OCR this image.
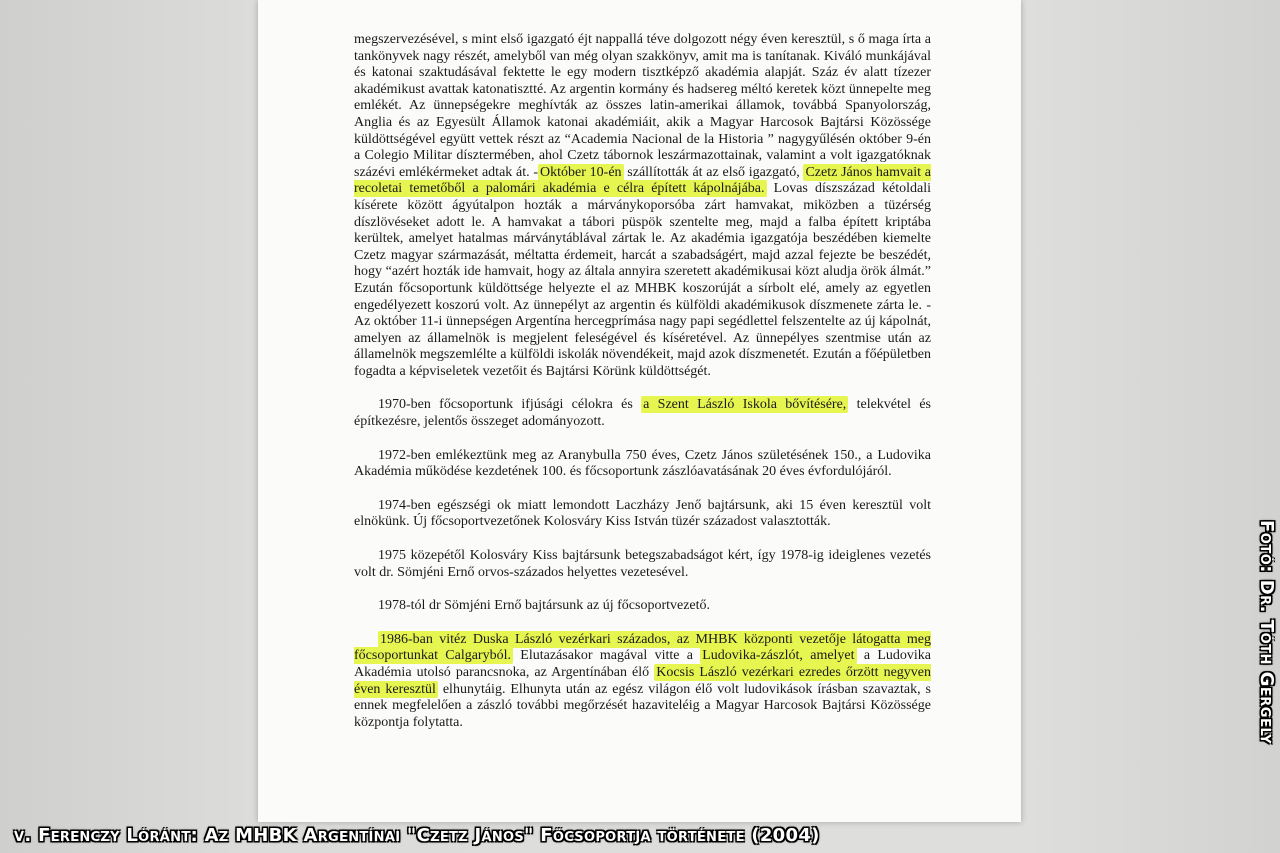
megszervezésével, s mint első igazgató éjt nappallá téve dolgozott négy éven keresztül, s ő maga írta a tankönyvek nagy részét, amelyből van még olyan szakkönyv, amit ma is tanítanak. Kiváló munkájával és katonai szaktudásával fektette le egy modern tisztképző akadémia alapját. Száz év alatt tízezer akadémikust avattak katonatisztté. Az argentin kormány és hadsereg méltó keretek közt ünnepelte meg emlékét. Az ünnepségekre meghívták az összes latin-amerikai államok, továbbá Spanyolország, Anglia és az Egyesült Államok katonai akadémiáit, akik a Magyar Harcosok Bajtársi Közössége küldöttségével együtt vettek részt az “Academia Nacional de la Historia ” nagygyűlésén október 9-én a Colegio Militar dísztermében, ahol Czetz tábornok leszármazottainak, valamint a volt igazgatóknak százévi emlékérmeket adtak át. - Október 10-én szállították át az első igazgató, Czetz János hamvait a recoletai temetőből a palomári akadémia e célra épített kápolnájába. Lovas díszszázad kétoldali kísérete között ágyútalpon hozták a márványkoporsóba zárt hamvakat, miközben a tüzérség díszlövéseket adott le. A hamvakat a tábori püspök szentelte meg, majd a falba épített kriptába kerültek, amelyet hatalmas márványtáblával zártak le. Az akadémia igazgatója beszédében kiemelte Czetz magyar származását, méltatta érdemeit, harcát a szabadságért, majd azzal fejezte be beszédét, hogy “azért hozták ide hamvait, hogy az általa annyira szeretett akadémikusai közt aludja örök álmát.” Ezután főcsoportunk küldöttsége helyezte el az MHBK koszorúját a sírbolt elé, amely az egyetlen engedélyezett koszorú volt. Az ünnepélyt az argentin és külföldi akadémikusok díszmenete zárta le. - Az október 11-i ünnepségen Argentína hercegprímása nagy papi segédlettel felszentelte az új kápolnát, amelyen az államelnök is megjelent feleségével és kíséretével. Az ünnepélyes szentmise után az államelnök megszemlélte a külföldi iskolák növendékeit, majd azok díszmenetét. Ezután a főépületben fogadta a képviseletek vezetőit és Bajtársi Körünk küldöttségét.

1970-ben főcsoportunk ifjúsági célokra és a Szent László Iskola bővítésére, telekvétel és építkezésre, jelentős összeget adományozott.

1972-ben emlékeztünk meg az Aranybulla 750 éves, Czetz János születésének 150., a Ludovika Akadémia működése kezdetének 100. és főcsoportunk zászlóavatásának 20 éves évfordulójáról.

1974-ben egészségi ok miatt lemondott Laczházy Jenő bajtársunk, aki 15 éven keresztül volt elnökünk. Új főcsoportvezetőnek Kolosváry Kiss István tüzér századost valasztották.

1975 közepétől Kolosváry Kiss bajtársunk betegszabadságot kért, így 1978-ig ideiglenes vezetés volt dr. Sömjéni Ernő orvos-százados helyettes vezetesével.

1978-tól dr Sömjéni Ernő bajtársunk az új főcsoportvezető.

1986-ban vitéz Duska László vezérkari százados, az MHBK központi vezetője látogatta meg főcsoportunkat Calgaryból. Elutazásakor magával vitte a Ludovika-zászlót, amelyet a Ludovika Akadémia utolsó parancsnoka, az Argentínában élő Kocsis László vezérkari ezredes őrzött negyven éven keresztül elhunytáig. Elhunyta után az egész világon élő volt ludovikások írásban szavaztak, s ennek megfelelően a zászló további megőrzését hazaviteléig a Magyar Harcosok Bajtársi Közössége központja folytatta.

v. Ferenczy Lóránt: Az MHBK Argentínai "Czetz János" Főcsoportja története (2004)
Fotó: Dr. Tóth Gergely
